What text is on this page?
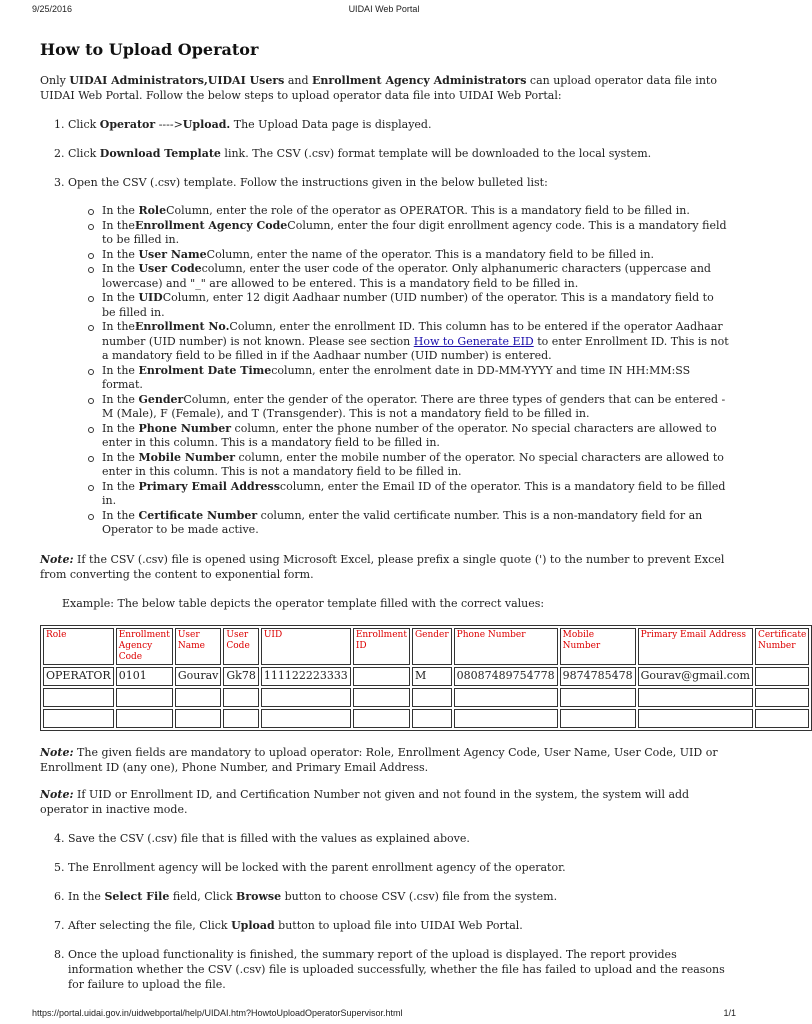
9/25/2016	UIDAI Web Portal
How to Upload Operator

Only UIDAI Administrators,UIDAI Users and Enrollment Agency Administrators can upload operator data file into UIDAI Web Portal. Follow the below steps to upload operator data file into UIDAI Web Portal:

1. Click Operator ---->Upload. The Upload Data page is displayed.
2. Click Download Template link. The CSV (.csv) format template will be downloaded to the local system.
3. Open the CSV (.csv) template. Follow the instructions given in the below bulleted list:
In the RoleColumn, enter the role of the operator as OPERATOR. This is a mandatory field to be filled in.
In theEnrollment Agency CodeColumn, enter the four digit enrollment agency code. This is a mandatory field to be filled in.
In the User NameColumn, enter the name of the operator. This is a mandatory field to be filled in.
In the User Codecolumn, enter the user code of the operator. Only alphanumeric characters (uppercase and lowercase) and "_" are allowed to be entered. This is a mandatory field to be filled in.
In the UIDColumn, enter 12 digit Aadhaar number (UID number) of the operator. This is a mandatory field to be filled in.
In theEnrollment No.Column, enter the enrollment ID. This column has to be entered if the operator Aadhaar number (UID number) is not known. Please see section How to Generate EID to enter Enrollment ID. This is not a mandatory field to be filled in if the Aadhaar number (UID number) is entered.
In the Enrolment Date Timecolumn, enter the enrolment date in DD-MM-YYYY and time IN HH:MM:SS format.
In the GenderColumn, enter the gender of the operator. There are three types of genders that can be entered - M (Male), F (Female), and T (Transgender). This is not a mandatory field to be filled in.
In the Phone Number column, enter the phone number of the operator. No special characters are allowed to enter in this column. This is a mandatory field to be filled in.
In the Mobile Number column, enter the mobile number of the operator. No special characters are allowed to enter in this column. This is not a mandatory field to be filled in.
In the Primary Email Addresscolumn, enter the Email ID of the operator. This is a mandatory field to be filled in.
In the Certificate Number column, enter the valid certificate number. This is a non-mandatory field for an Operator to be made active.

Note: If the CSV (.csv) file is opened using Microsoft Excel, please prefix a single quote (') to the number to prevent Excel from converting the content to exponential form.

Example: The below table depicts the operator template filled with the correct values:

Role	Enrollment Agency Code	User Name	User Code	UID	Enrollment ID	Gender	Phone Number	Mobile Number	Primary Email Address	Certificate Number
OPERATOR	0101	Gourav	Gk78	111122223333		M	08087489754778	9874785478	Gourav@gmail.com	

Note: The given fields are mandatory to upload operator: Role, Enrollment Agency Code, User Name, User Code, UID or Enrollment ID (any one), Phone Number, and Primary Email Address.

Note: If UID or Enrollment ID, and Certification Number not given and not found in the system, the system will add operator in inactive mode.

4. Save the CSV (.csv) file that is filled with the values as explained above.
5. The Enrollment agency will be locked with the parent enrollment agency of the operator.
6. In the Select File field, Click Browse button to choose CSV (.csv) file from the system.
7. After selecting the file, Click Upload button to upload file into UIDAI Web Portal.
8. Once the upload functionality is finished, the summary report of the upload is displayed. The report provides information whether the CSV (.csv) file is uploaded successfully, whether the file has failed to upload and the reasons for failure to upload the file.
https://portal.uidai.gov.in/uidwebportal/help/UIDAI.htm?HowtoUploadOperatorSupervisor.html	1/1
